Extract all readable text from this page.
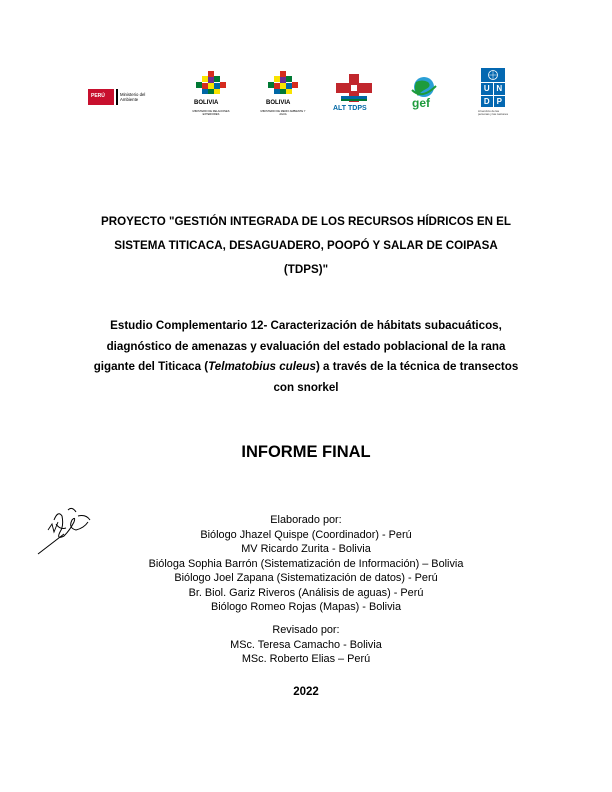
PERÚ	Ministerio del Ambiente
BOLIVIA
MINISTERIO DE RELACIONES EXTERIORES
BOLIVIA
MINISTERIO DE MEDIO AMBIENTE Y AGUA
ALT TDPS	gef
U N
D P
Al servicio de las personas y las naciones
PROYECTO "GESTIÓN INTEGRADA DE LOS RECURSOS HÍDRICOS EN EL
SISTEMA TITICACA, DESAGUADERO, POOPÓ Y SALAR DE COIPASA
(TDPS)"
Estudio Complementario 12- Caracterización de hábitats subacuáticos,
diagnóstico de amenazas y evaluación del estado poblacional de la rana
gigante del Titicaca (Telmatobius culeus) a través de la técnica de transectos
con snorkel
INFORME FINAL
Elaborado por:
Biólogo Jhazel Quispe (Coordinador) - Perú
MV Ricardo Zurita - Bolivia
Bióloga Sophia Barrón (Sistematización de Información) – Bolivia
Biólogo Joel Zapana (Sistematización de datos) - Perú
Br. Biol. Gariz Riveros (Análisis de aguas) - Perú
Biólogo Romeo Rojas (Mapas) - Bolivia
Revisado por:
MSc. Teresa Camacho - Bolivia
MSc. Roberto Elias – Perú
2022
